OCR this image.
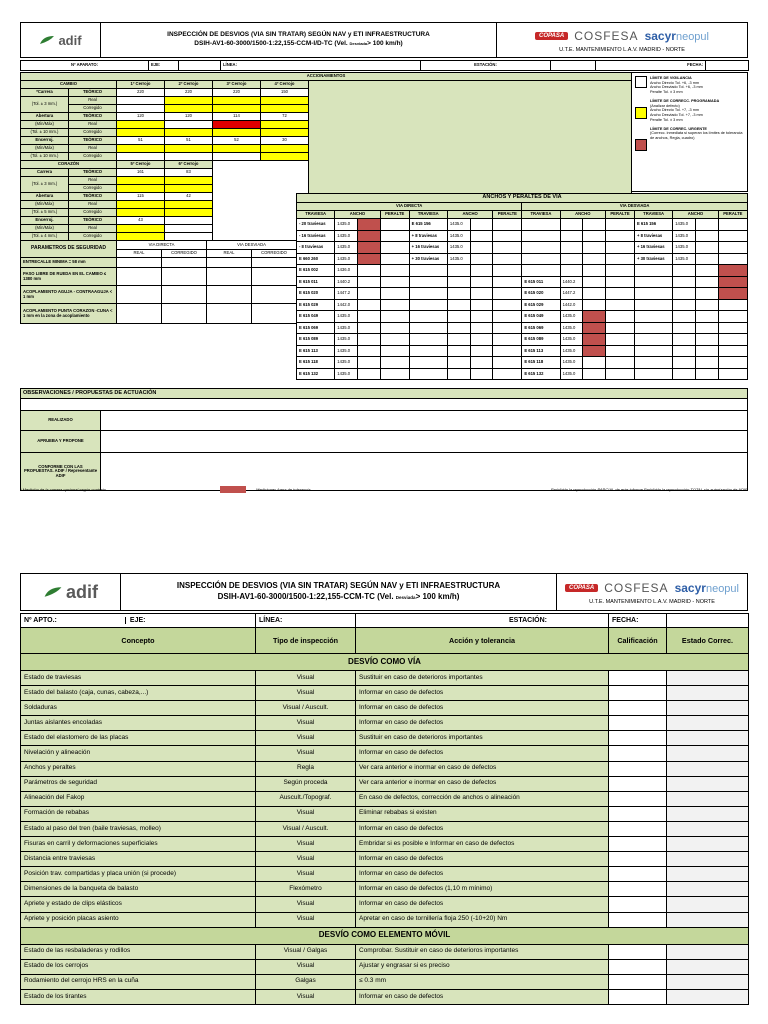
adif	INSPECCIÓN DE DESVIOS (VIA SIN TRATAR) SEGÚN NAV y ETI INFRAESTRUCTURA
DSIH-AV1-60-3000/1500-1:22,155-CCM-I/D-TC (Vel. Desviada> 100 km/h)
COPASA COSFESA sacyrneopul
U.T.E. MANTENIMIENTO L.A.V. MADRID - NORTE
Nº APARATO:	EJE:		LÍNEA:	ESTACIÓN:		FECHA:	
ACCIONAMIENTOS						
CAMBIO		1º Cerrojo	2º Cerrojo	3º Cerrojo	4º Cerrojo	
*Carrera	TEÓRICO	220	220	220	150	
(Tol. ± 3 mm.)	Real					
	Corregido					
Abertura	TEÓRICO	120	120	114	72	
(Mín/Máx)	Real					
(Tol. ± 10 mm.)	Corregido					
Encerroj.	TEÓRICO	51	51	52	30	
(Mín/Máx)	Real					
(Tol. ± 10 mm.)	Corregido					
CORAZÓN		5º Cerrojo	6º Cerrojo			
Carrera	TEÓRICO	161	83			
(Tol. ± 3 mm.)	Real					
	Corregido					
Abertura	TEÓRICO	115	42			
(Mín/Máx)	Real					
(Tol. ± 5 mm.)	Corregido			
Encerroj.	TEÓRICO	43		
(Mín/Máx)	Real			
(Tol. ± 4 mm.)	Corregido			
PARAMETROS DE SEGURIDAD	VIA DIRECTA		VIA DESVIADA	
	REAL	CORREGIDO	REAL	CORREGIDO
ENTRECALLE MINIMA = 58 mm				
PASO LIBRE DE RUEDA EN EL CAMBIO ≤ 1380 mm				
ACOPLAMIENTO AGUJA - CONTRAAGUJA < 1 mm				
ACOPLAMIENTO PUNTA CORAZON -CUNA < 1 mm en la zona de acoplamiento				
LÍMITE DE VIGILANCIA
Ancho Directo Tol. +6, -3 mm
Ancho Desviado Tol. +6, -3 mm
Peralte Tol. ± 3 mm
LÍMITE DE CORRECC. PROGRAMADA
(Analizar defecto)
Ancho Directo Tol. +7, -3 mm
Ancho Desviado Tol. +7, -3 mm
Peralte Tol. ± 3 mm
LÍMITE DE CORREC. URGENTE
(Correcc. inmediata si superan los límites de tolerancia de anchos, Regla, cuadro)
ANCHOS Y PERALTES DE VIA															
VIA DIRECTA								VIA DESVIADA							
TRAVIESA	ANCHO		PERALTE	TRAVIESA	ANCHO		PERALTE	TRAVIESA	ANCHO		PERALTE	TRAVIESA	ANCHO		PERALTE
- 20 traviesas	1435.0			E 615 156	1435.0							E 615 156	1435.0		
- 16 traviesas	1435.0			+ 8 traviesas	1435.0							+ 8 traviesas	1435.0		
- 8 traviesas	1435.0			+ 16 traviesas	1435.0							+ 16 traviesas	1435.0		
E 660 260	1435.0			+ 30 traviesas	1435.0							+ 30 traviesas	1435.0		
E 615 002	1436.0														
E 615 011	1440.2							E 615 011	1440.2						
E 615 020	1447.2							E 615 020	1447.2						
E 615 029	1442.0							E 615 029	1442.0						
E 615 049	1435.0							E 615 049	1435.0						
E 615 069	1435.0							E 615 069	1435.0						
E 615 089	1435.0							E 615 089	1435.0						
E 615 113	1435.0							E 615 113	1435.0						
E 615 118	1435.0							E 615 118	1435.0						
E 615 132	1435.0							E 615 132	1435.0						
OBSERVACIONES / PROPUESTAS DE ACTUACIÓN	

REALIZADO	
APRUEBA Y PROPONE	
CONFORME CON LAS PROPUESTAS. ADIF / Representante ADIF	
* Medición de la carrera opcional según contrato	Mediciones fuera de tolerancia	Prohibida la reproducción PARCIAL de este informe Prohibida la reproducción TOTAL sin autorización de ADIF.
adif	INSPECCIÓN DE DESVIOS (VIA SIN TRATAR) SEGÚN NAV y ETI INFRAESTRUCTURA
DSIH-AV1-60-3000/1500-1:22,155-CCM-TC (Vel. Desviada> 100 km/h)
COPASA COSFESA sacyrneopul
U.T.E. MANTENIMIENTO L.A.V. MADRID - NORTE
Nº APTO.: EJE:	LÍNEA:	ESTACIÓN:	FECHA:	
Concepto	Tipo de inspección	Acción y tolerancia	Calificación	Estado Correc.
DESVÍO COMO VÍA				
Estado de traviesas	Visual	Sustituir en caso de deterioros importantes		
Estado del balasto (caja, cunas, cabeza,...)	Visual	Informar en caso de defectos		
Soldaduras	Visual / Auscult.	Informar en caso de defectos		
Juntas aislantes encoladas	Visual	Informar en caso de defectos		
Estado del elastomero de las placas	Visual	Sustituir en caso de deterioros importantes		
Nivelación y alineación	Visual	Informar en caso de defectos		
Anchos y peraltes	Regla	Ver cara anterior e inormar en caso de defectos		
Parámetros de seguridad	Según proceda	Ver cara anterior e inormar en caso de defectos		
Alineación del Fakop	Auscult./Topograf.	En caso de defectos, corrección de anchos o alineación		
Formación de rebabas	Visual	Eliminar rebabas si existen		
Estado al paso del tren (baile traviesas, molleo)	Visual / Auscult.	Informar en caso de defectos		
Fisuras en carril y deformaciones superficiales	Visual	Embridar si es posible e Informar en caso de defectos		
Distancia entre traviesas	Visual	Informar en caso de defectos		
Posición trav. compartidas y placa unión (si procede)	Visual	Informar en caso de defectos		
Dimensiones de la banqueta de balasto	Flexómetro	Informar en caso de defectos (1,10 m mínimo)		
Apriete y estado de clips elásticos	Visual	Informar en caso de defectos		
Apriete y posición placas asiento	Visual	Apretar en caso de tornillería floja 250 (-10+20) Nm		
DESVÍO COMO ELEMENTO MÓVIL				
Estado de las resbaladeras y rodillos	Visual / Galgas	Comprobar. Sustituir en caso de deterioros importantes		
Estado de los cerrojos	Visual	Ajustar y engrasar si es preciso		
Rodamiento del cerrojo HRS en la cuña	Galgas	≤ 0.3 mm		
Estado de los tirantes	Visual	Informar en caso de defectos		
